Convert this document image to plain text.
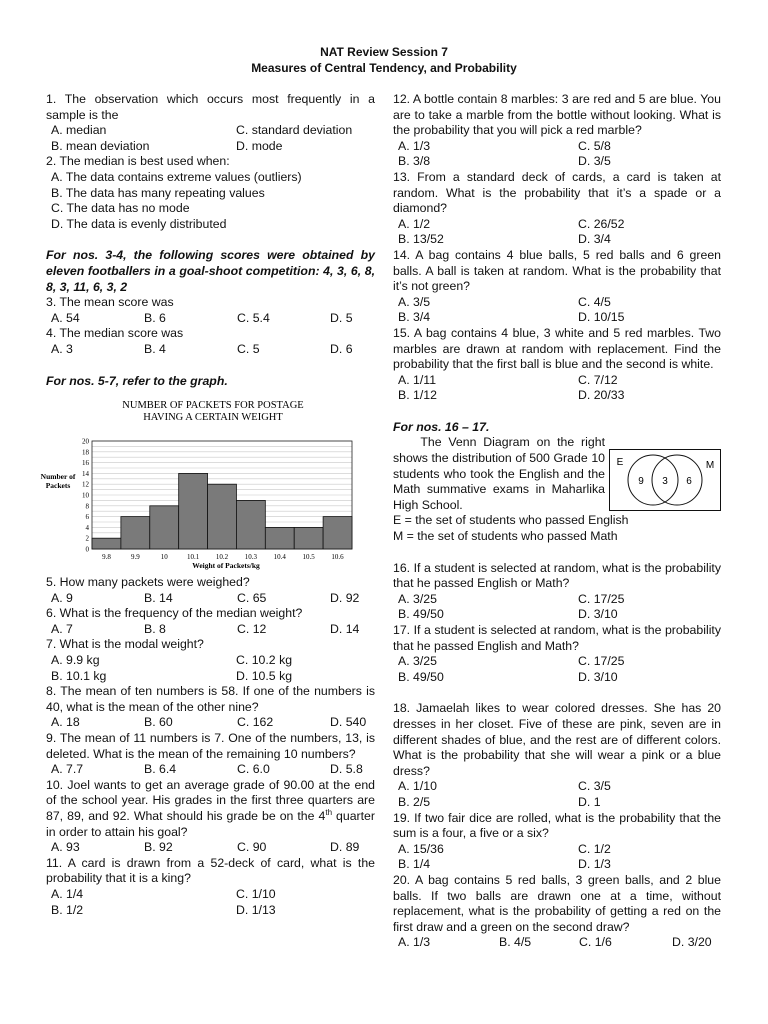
NAT Review Session 7
Measures of Central Tendency, and Probability

1. The observation which occurs most frequently in a sample is the

A. median	C. standard deviation
B. mean deviation	D. mode

2. The median is best used when:

A. The data contains extreme values (outliers)
B. The data has many repeating values
C. The data has no mode
D. The data is evenly distributed

For nos. 3-4, the following scores were obtained by eleven footballers in a goal-shoot competition: 4, 3, 6, 8, 8, 3, 11, 6, 3, 2

3. The mean score was

A. 54	B. 6	C. 5.4	D. 5

4. The median score was

A. 3	B. 4	C. 5	D. 6

For nos. 5-7, refer to the graph.

NUMBER OF PACKETS FOR POSTAGE
HAVING A CERTAIN WEIGHT
Number of
Packets
0
2
4
6
8
10
12
14
16
18
20
9.8	9.9	10	10.1 10.2 10.3 10.4 10.5 10.6
Weight of Packets/kg

5. How many packets were weighed?

A. 9	B. 14	C. 65	D. 92

6. What is the frequency of the median weight?

A. 7	B. 8	C. 12	D. 14

7. What is the modal weight?

A. 9.9 kg	C. 10.2 kg
B. 10.1 kg	D. 10.5 kg

8. The mean of ten numbers is 58. If one of the numbers is 40, what is the mean of the other nine?

A. 18	B. 60	C. 162	D. 540

9. The mean of 11 numbers is 7. One of the numbers, 13, is deleted. What is the mean of the remaining 10 numbers?

A. 7.7	B. 6.4	C. 6.0	D. 5.8

10. Joel wants to get an average grade of 90.00 at the end of the school year. His grades in the first three quarters are 87, 89, and 92. What should his grade be on the 4th quarter in order to attain his goal?

A. 93	B. 92	C. 90	D. 89

11. A card is drawn from a 52-deck of card, what is the probability that it is a king?

A. 1/4	C. 1/10
B. 1/2	D. 1/13

12. A bottle contain 8 marbles: 3 are red and 5 are blue. You are to take a marble from the bottle without looking. What is the probability that you will pick a red marble?

A. 1/3	C. 5/8
B. 3/8	D. 3/5

13. From a standard deck of cards, a card is taken at random. What is the probability that it’s a spade or a diamond?

A. 1/2	C. 26/52
B. 13/52	D. 3/4

14. A bag contains 4 blue balls, 5 red balls and 6 green balls. A ball is taken at random. What is the probability that it’s not green?

A. 3/5	C. 4/5
B. 3/4	D. 10/15

15. A bag contains 4 blue, 3 white and 5 red marbles. Two marbles are drawn at random with replacement. Find the probability that the first ball is blue and the second is white.

A. 1/11	C. 7/12
B. 1/12	D. 20/33

For nos. 16 – 17.

The Venn Diagram on the right shows the distribution of 500 Grade 10 students who took the English and the Math summative exams in Maharlika High School.

E	M
9 3 6

E = the set of students who passed English

M = the set of students who passed Math

16. If a student is selected at random, what is the probability that he passed English or Math?

A. 3/25	C. 17/25
B. 49/50	D. 3/10

17. If a student is selected at random, what is the probability that he passed English and Math?

A. 3/25	C. 17/25
B. 49/50	D. 3/10

18. Jamaelah likes to wear colored dresses. She has 20 dresses in her closet. Five of these are pink, seven are in different shades of blue, and the rest are of different colors. What is the probability that she will wear a pink or a blue dress?

A. 1/10	C. 3/5
B. 2/5	D. 1

19. If two fair dice are rolled, what is the probability that the sum is a four, a five or a six?

A. 15/36	C. 1/2
B. 1/4	D. 1/3

20. A bag contains 5 red balls, 3 green balls, and 2 blue balls. If two balls are drawn one at a time, without replacement, what is the probability of getting a red on the first draw and a green on the second draw?

A. 1/3	B. 4/5	C. 1/6	D. 3/20
